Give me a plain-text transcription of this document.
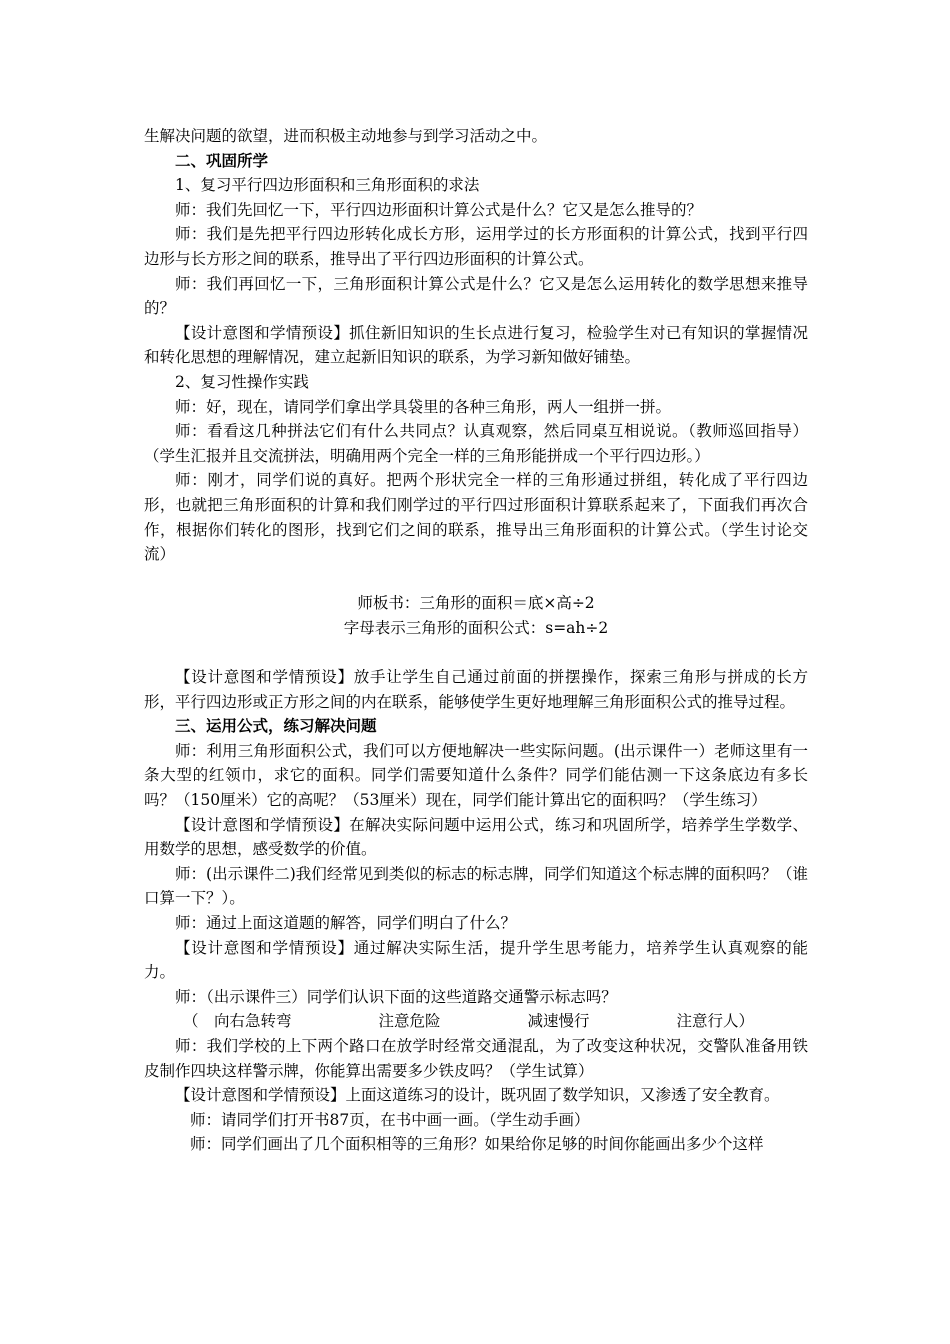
生解决问题的欲望，进而积极主动地参与到学习活动之中。

二、巩固所学

1、复习平行四边形面积和三角形面积的求法

师：我们先回忆一下，平行四边形面积计算公式是什么？它又是怎么推导的？

师：我们是先把平行四边形转化成长方形，运用学过的长方形面积的计算公式，找到平行四边形与长方形之间的联系，推导出了平行四边形面积的计算公式。

师：我们再回忆一下，三角形面积计算公式是什么？它又是怎么运用转化的数学思想来推导的？

【设计意图和学情预设】抓住新旧知识的生长点进行复习，检验学生对已有知识的掌握情况和转化思想的理解情况，建立起新旧知识的联系，为学习新知做好铺垫。

2、复习性操作实践

师：好，现在，请同学们拿出学具袋里的各种三角形，两人一组拼一拼。

师：看看这几种拼法它们有什么共同点？认真观察，然后同桌互相说说。（教师巡回指导）（学生汇报并且交流拼法，明确用两个完全一样的三角形能拼成一个平行四边形。）

师：刚才，同学们说的真好。把两个形状完全一样的三角形通过拼组，转化成了平行四边形，也就把三角形面积的计算和我们刚学过的平行四过形面积计算联系起来了，下面我们再次合作，根据你们转化的图形，找到它们之间的联系，推导出三角形面积的计算公式。（学生讨论交流）

师板书：三角形的面积＝底×高÷2

字母表示三角形的面积公式：s=ah÷2

【设计意图和学情预设】放手让学生自己通过前面的拼摆操作，探索三角形与拼成的长方形，平行四边形或正方形之间的内在联系，能够使学生更好地理解三角形面积公式的推导过程。

三、运用公式，练习解决问题

师：利用三角形面积公式，我们可以方便地解决一些实际问题。(出示课件一）老师这里有一条大型的红领巾，求它的面积。同学们需要知道什么条件？同学们能估测一下这条底边有多长吗？（150厘米）它的高呢？（53厘米）现在，同学们能计算出它的面积吗？（学生练习）

【设计意图和学情预设】在解决实际问题中运用公式，练习和巩固所学，培养学生学数学、用数学的思想，感受数学的价值。

师：(出示课件二)我们经常见到类似的标志的标志牌，同学们知道这个标志牌的面积吗？（谁口算一下？）。

师：通过上面这道题的解答，同学们明白了什么？

【设计意图和学情预设】通过解决实际生活，提升学生思考能力，培养学生认真观察的能力。

师：（出示课件三）同学们认识下面的这些道路交通警示标志吗？

（　向右急转弯	注意危险	减速慢行	注意行人）

师：我们学校的上下两个路口在放学时经常交通混乱，为了改变这种状况，交警队准备用铁皮制作四块这样警示牌，你能算出需要多少铁皮吗？（学生试算）

【设计意图和学情预设】上面这道练习的设计，既巩固了数学知识，又渗透了安全教育。

师：请同学们打开书87页，在书中画一画。（学生动手画）

师：同学们画出了几个面积相等的三角形？如果给你足够的时间你能画出多少个这样
